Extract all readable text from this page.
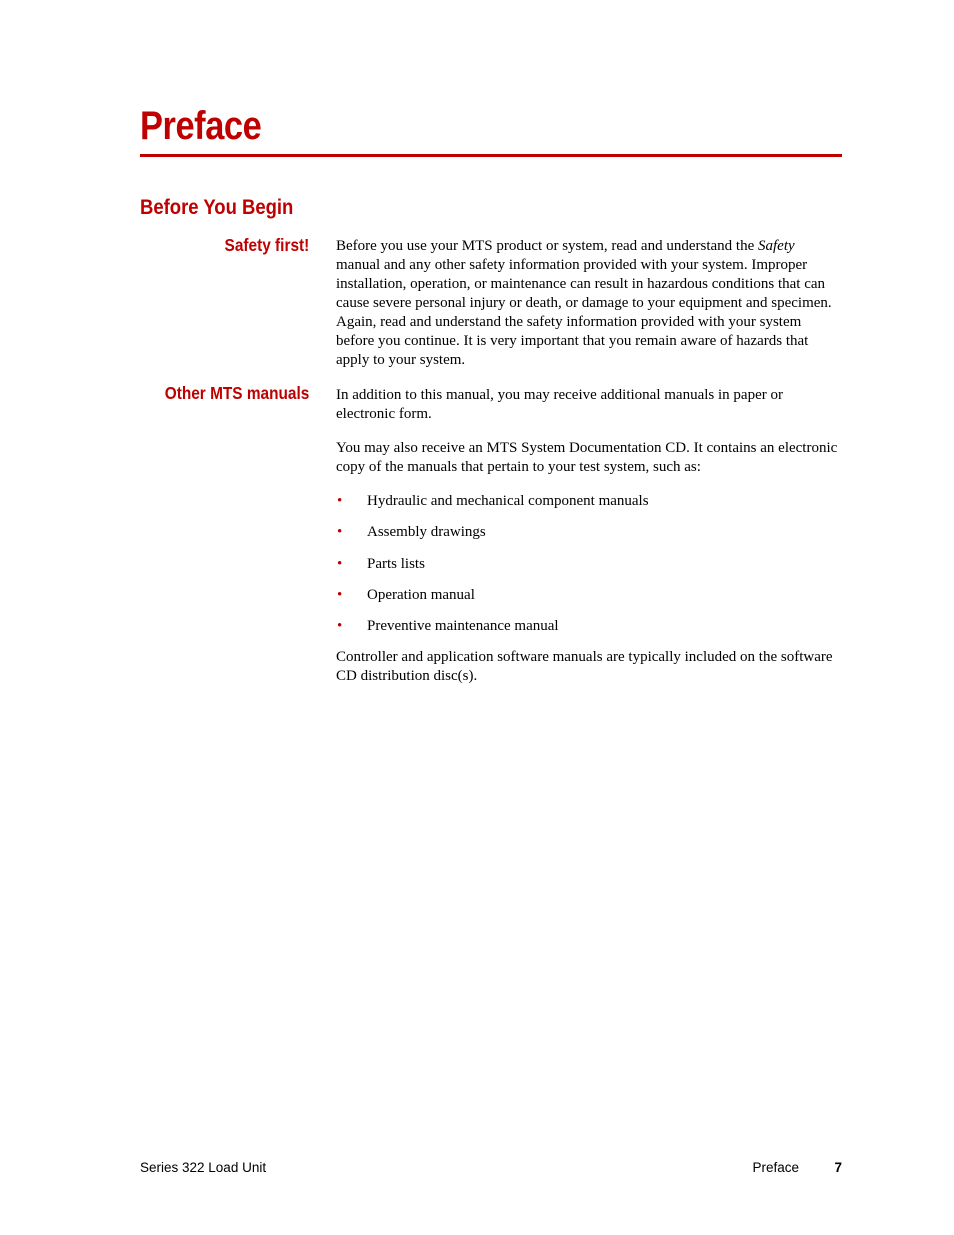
Preface
Before You Begin
Safety first! Before you use your MTS product or system, read and understand the Safety manual and any other safety information provided with your system. Improper installation, operation, or maintenance can result in hazardous conditions that can cause severe personal injury or death, or damage to your equipment and specimen. Again, read and understand the safety information provided with your system before you continue. It is very important that you remain aware of hazards that apply to your system.

Other MTS manuals In addition to this manual, you may receive additional manuals in paper or electronic form.

You may also receive an MTS System Documentation CD. It contains an electronic copy of the manuals that pertain to your test system, such as:

• Hydraulic and mechanical component manuals
• Assembly drawings
• Parts lists
• Operation manual
• Preventive maintenance manual

Controller and application software manuals are typically included on the software CD distribution disc(s).

Series 322 Load Unit	Preface	7
